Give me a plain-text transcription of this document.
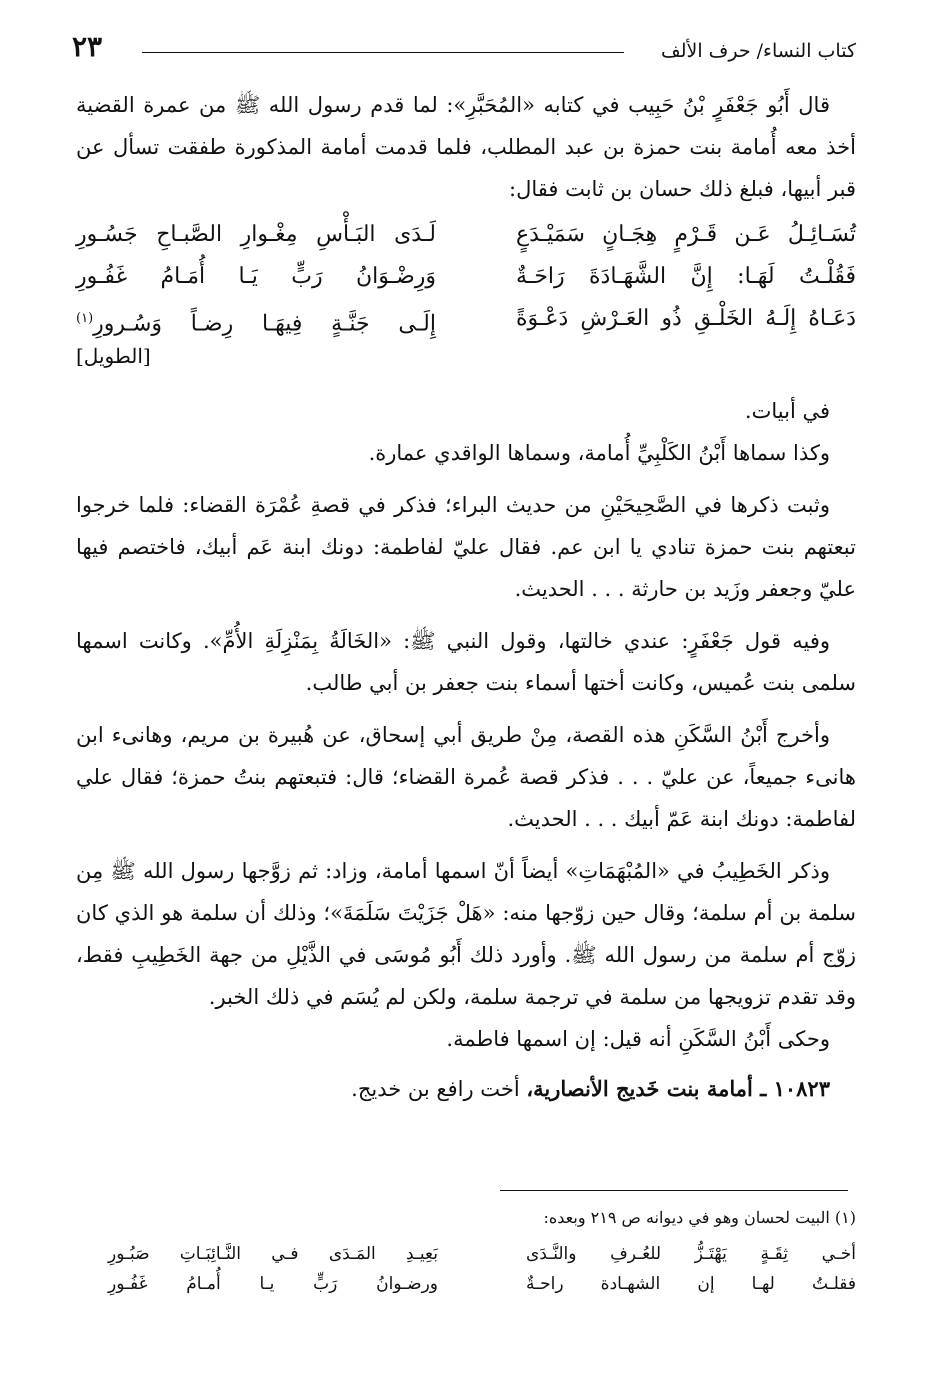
٢٣	كتاب النساء/ حرف الألف

قال أَبُو جَعْفَرٍ بْنُ حَبِيب في كتابه «المُحَبَّرِ»: لما قدم رسول الله ﷺ من عمرة القضية أخذ معه أُمامة بنت حمزة بن عبد المطلب، فلما قدمت أمامة المذكورة طفقت تسأل عن قبر أبيها، فبلغ ذلك حسان بن ثابت فقال:

تُسَـائِـلُ عَـن قَـرْمٍ هِجَـانٍ سَمَيْـدَعٍ
لَـدَى البَـأْسِ مِغْـوارِ الصَّبـاحِ جَسُـورِ
فَقُلْـتُ لَهَـا: إِنَّ الشَّهَـادَةَ رَاحَـةٌ
وَرِضْـوَانُ رَبٍّ يَـا أُمَـامُ غَفُـورِ
دَعَـاهُ إِلَـهُ الخَلْـقِ ذُو العَـرْشِ دَعْـوَةً
إِلَـى جَنَّـةٍ فِيهَـا رِضـاً وَسُـرورِ$^{(١)}$
[الطويل]

في أبيات.

وكذا سماها أَبْنُ الكَلْبِيِّ أُمامة، وسماها الواقدي عمارة.

وثبت ذكرها في الصَّحِيحَيْنِ من حديث البراء؛ فذكر في قصةِ عُمْرَة القضاء: فلما خرجوا تبعتهم بنت حمزة تنادي يا ابن عم. فقال عليّ لفاطمة: دونك ابنة عَم أبيك، فاختصم فيها عليّ وجعفر وزَيد بن حارثة . . . الحديث.

وفيه قول جَعْفَرٍ: عندي خالتها، وقول النبي ﷺ: «الخَالَةُ بِمَنْزِلَةِ الأُمِّ». وكانت اسمها سلمى بنت عُميس، وكانت أختها أسماء بنت جعفر بن أبي طالب.

وأخرج أَبْنُ السَّكَنِ هذه القصة، مِنْ طريق أبي إسحاق، عن هُبيرة بن مريم، وهانىء ابن هانىء جميعاً، عن عليّ . . . فذكر قصة عُمرة القضاء؛ قال: فتبعتهم بنتُ حمزة؛ فقال علي لفاطمة: دونك ابنة عَمّ أبيك . . . الحديث.

وذكر الخَطِيبُ في «المُبْهَمَاتِ» أيضاً أنّ اسمها أمامة، وزاد: ثم زوَّجها رسول الله ﷺ مِن سلمة بن أم سلمة؛ وقال حين زوّجها منه: «هَلْ جَزَيْتَ سَلَمَةَ»؛ وذلك أن سلمة هو الذي كان زوّج أم سلمة من رسول الله ﷺ. وأورد ذلك أَبُو مُوسَى في الذَّيْلِ من جهة الخَطِيبِ فقط، وقد تقدم تزويجها من سلمة في ترجمة سلمة، ولكن لم يُسَم في ذلك الخبر.

وحكى أَبْنُ السَّكَنِ أنه قيل: إن اسمها فاطمة.

١٠٨٢٣ ـ أمامة بنت خَديج الأنصارية، أخت رافع بن خديج.

(١) البيت لحسان وهو في ديوانه ص ٢١٩ وبعده:

أخـي ثِقَـةٍ يَهْتَـزُّ للعُـرفِ والنَّـدَى
بَعِيـدِ المَـدَى فـي النَّـائِبَـاتِ صَبُـورِ
فقلـتُ لهـا إن الشهـادة راحـةٌ
ورضـوانُ رَبٍّ يـا أُمـامُ غَفُـورِ
